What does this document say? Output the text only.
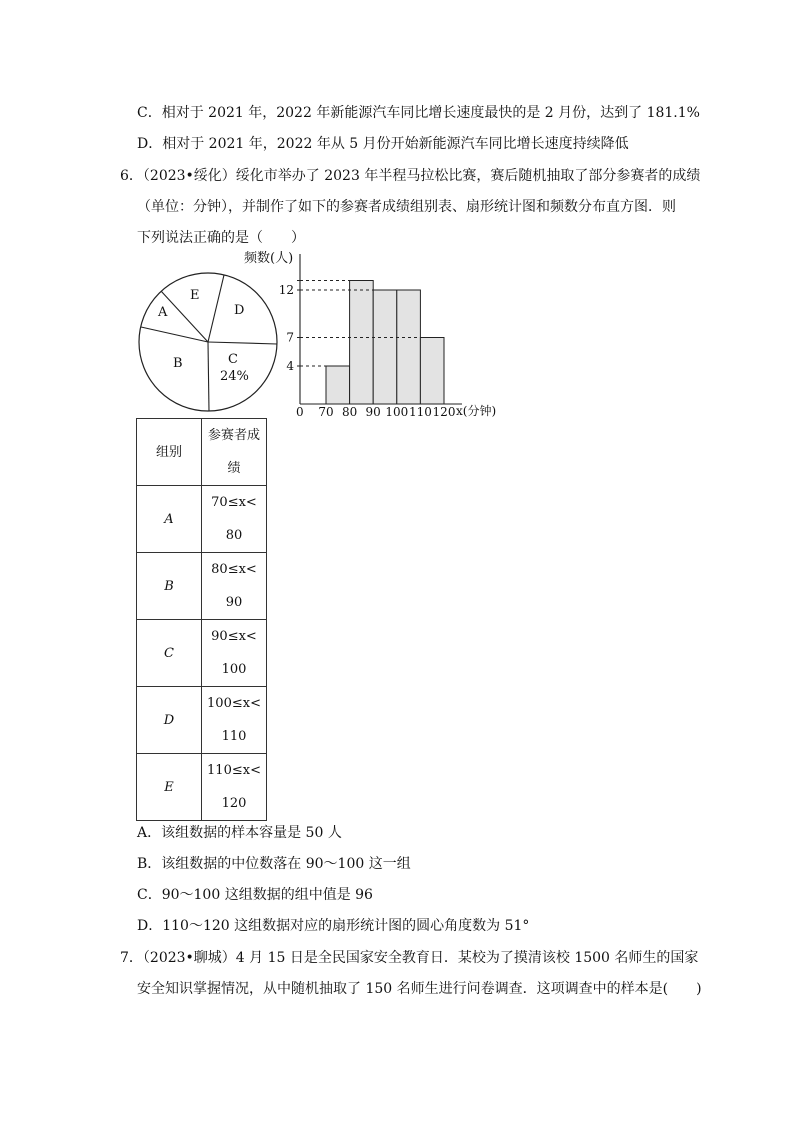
C．相对于 2021 年，2022 年新能源汽车同比增长速度最快的是 2 月份，达到了 181.1%
D．相对于 2021 年，2022 年从 5 月份开始新能源汽车同比增长速度持续降低
6．（2023•绥化）绥化市举办了 2023 年半程马拉松比赛，赛后随机抽取了部分参赛者的成绩
（单位：分钟），并制作了如下的参赛者成绩组别表、扇形统计图和频数分布直方图．则
下列说法正确的是（　　）
A
E
D
B	C
24%
频数(人)
x(分钟)
0 70 80 90 100 110 120
4
7
12
组别	参赛者成
绩

A	70≤x<
80

B	80≤x<
90

C	90≤x<
100

D	100≤x<
110

E	110≤x<
120
A．该组数据的样本容量是 50 人
B．该组数据的中位数落在 90～100 这一组
C．90～100 这组数据的组中值是 96
D．110～120 这组数据对应的扇形统计图的圆心角度数为 51°
7．（2023•聊城）4 月 15 日是全民国家安全教育日．某校为了摸清该校 1500 名师生的国家
安全知识掌握情况，从中随机抽取了 150 名师生进行问卷调查．这项调查中的样本是(　　)
